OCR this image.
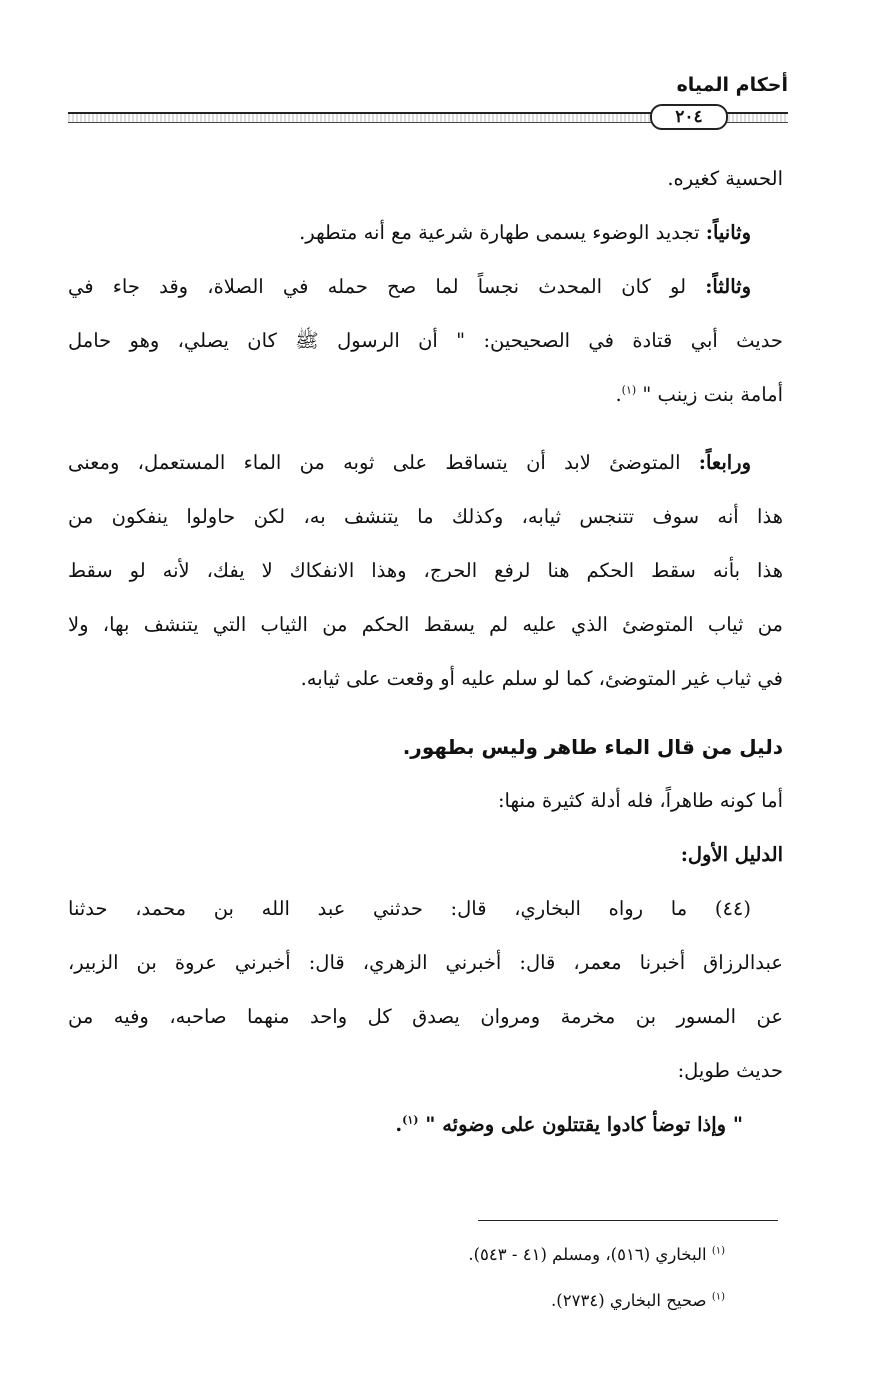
أحكام المياه
٢٠٤
الحسية كغيره.
وثانياً: تجديد الوضوء يسمى طهارة شرعية مع أنه متطهر.
وثالثاً: لو كان المحدث نجساً لما صح حمله في الصلاة، وقد جاء في
حديث أبي قتادة في الصحيحين: " أن الرسول ﷺ كان يصلي، وهو حامل
أمامة بنت زينب " $^{(١)}$.
ورابعاً: المتوضئ لابد أن يتساقط على ثوبه من الماء المستعمل، ومعنى
هذا أنه سوف تتنجس ثيابه، وكذلك ما يتنشف به، لكن حاولوا ينفكون من
هذا بأنه سقط الحكم هنا لرفع الحرج، وهذا الانفكاك لا يفك، لأنه لو سقط
من ثياب المتوضئ الذي عليه لم يسقط الحكم من الثياب التي يتنشف بها، ولا
في ثياب غير المتوضئ، كما لو سلم عليه أو وقعت على ثيابه.
دليل من قال الماء طاهر وليس بطهور.
أما كونه طاهراً، فله أدلة كثيرة منها:
الدليل الأول:
(٤٤) ما رواه البخاري، قال: حدثني عبد الله بن محمد، حدثنا
عبدالرزاق أخبرنا معمر، قال: أخبرني الزهري، قال: أخبرني عروة بن الزبير،
عن المسور بن مخرمة ومروان يصدق كل واحد منهما صاحبه، وفيه من
حديث طويل:
" وإذا توضأ كادوا يقتتلون على وضوئه " $^{(١)}$.
$^{(١)}$ البخاري (٥١٦)، ومسلم (٤١ - ٥٤٣).
$^{(١)}$ صحيح البخاري (٢٧٣٤).
